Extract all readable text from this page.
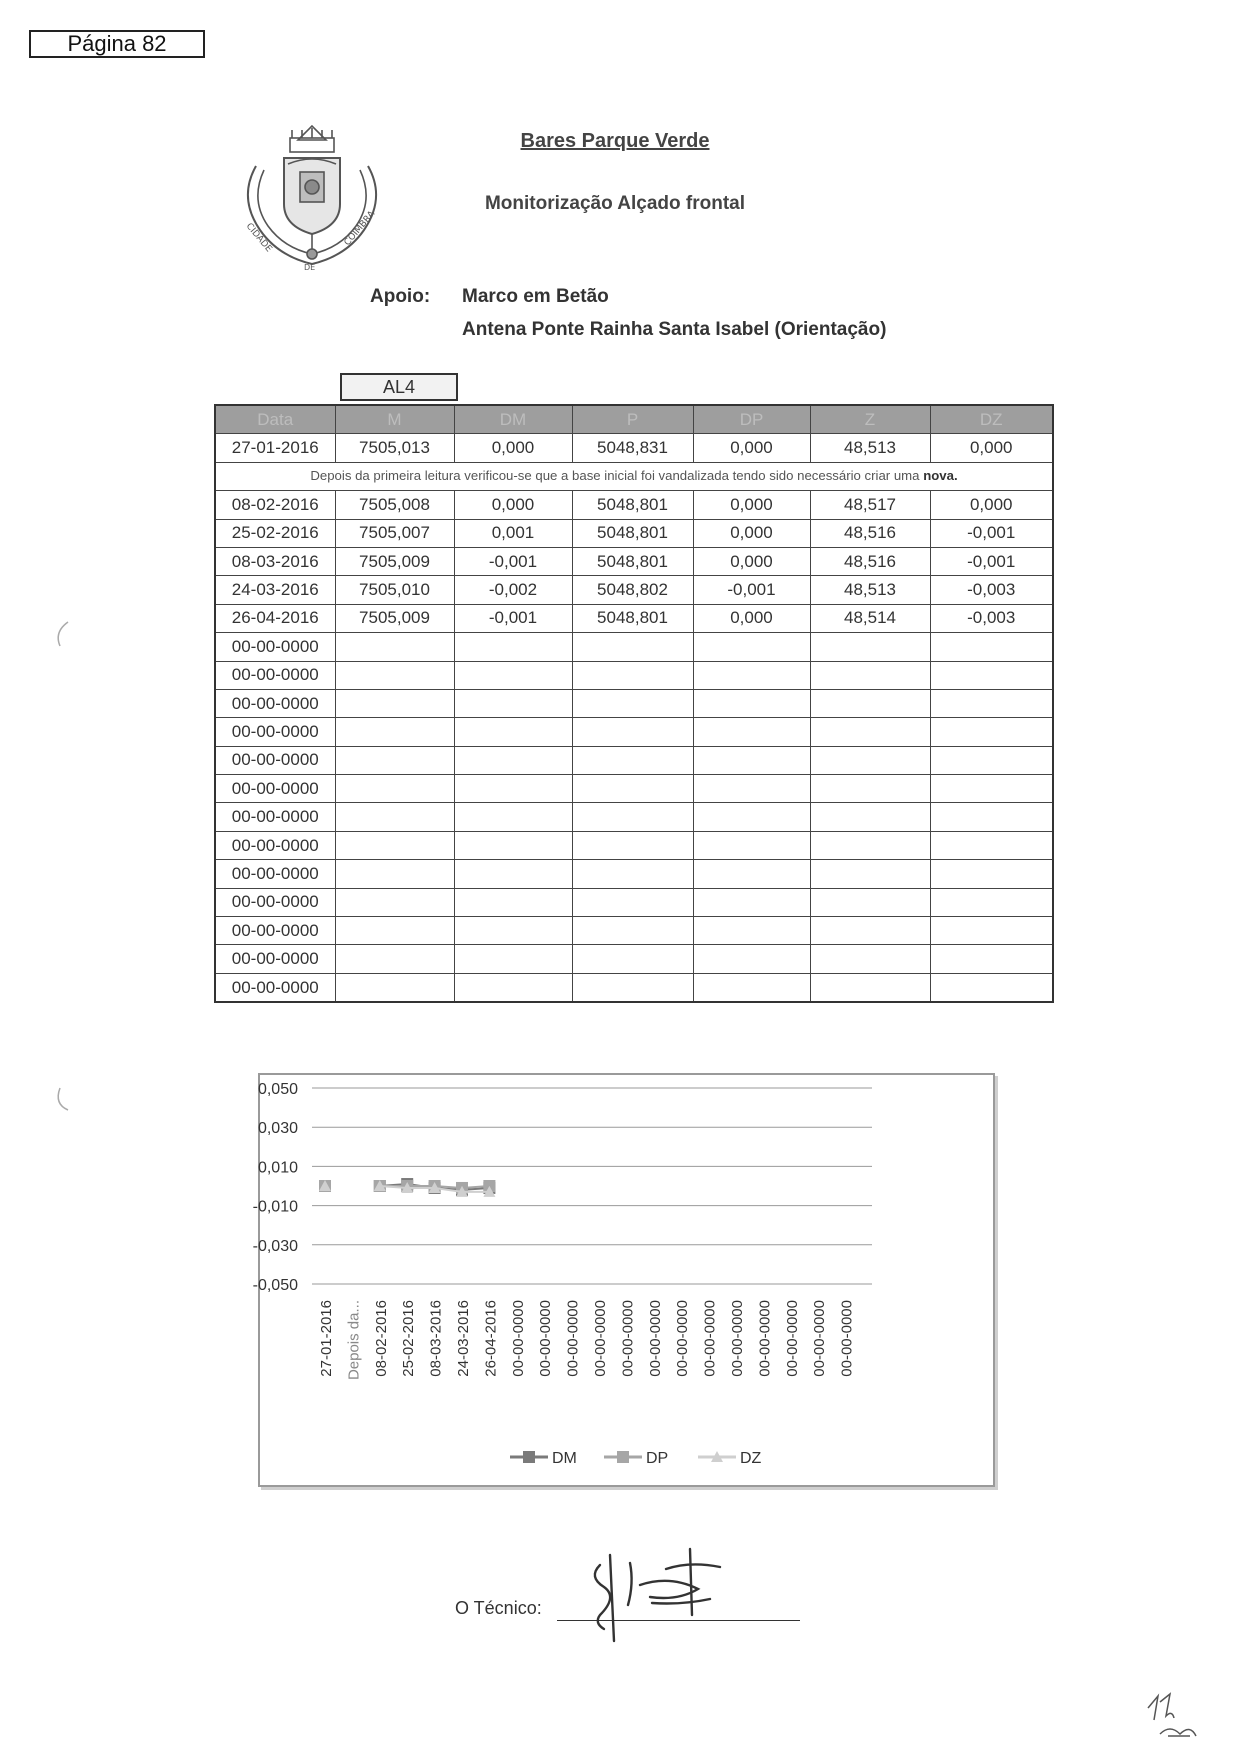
Página 82
CIDADE
DE
COIMBRA
Bares Parque Verde
Monitorização Alçado frontal
Apoio: Marco em Betão
Antena Ponte Rainha Santa Isabel (Orientação)
AL4
Data	M	DM	P	DP	Z	DZ
27-01-2016	7505,013	0,000	5048,831	0,000	48,513	0,000
Depois da primeira leitura verificou-se que a base inicial foi vandalizada tendo sido necessário criar uma nova.						
08-02-2016	7505,008	0,000	5048,801	0,000	48,517	0,000
25-02-2016	7505,007	0,001	5048,801	0,000	48,516	-0,001
08-03-2016	7505,009	-0,001	5048,801	0,000	48,516	-0,001
24-03-2016	7505,010	-0,002	5048,802	-0,001	48,513	-0,003
26-04-2016	7505,009	-0,001	5048,801	0,000	48,514	-0,003
00-00-0000						
00-00-0000						
00-00-0000						
00-00-0000						
00-00-0000						
00-00-0000						
00-00-0000						
00-00-0000						
00-00-0000						
00-00-0000						
00-00-0000						
00-00-0000						
00-00-0000						
0,050
0,030
0,010
-0,010
-0,030
-0,050
27-01-2016 Depois da... 08-02-2016 25-02-2016 08-03-2016 24-03-2016 26-04-2016 00-00-0000 00-00-0000 00-00-0000 00-00-0000 00-00-0000 00-00-0000 00-00-0000 00-00-0000 00-00-0000 00-00-0000 00-00-0000 00-00-0000 00-00-0000
DM	DP	DZ
O Técnico:
